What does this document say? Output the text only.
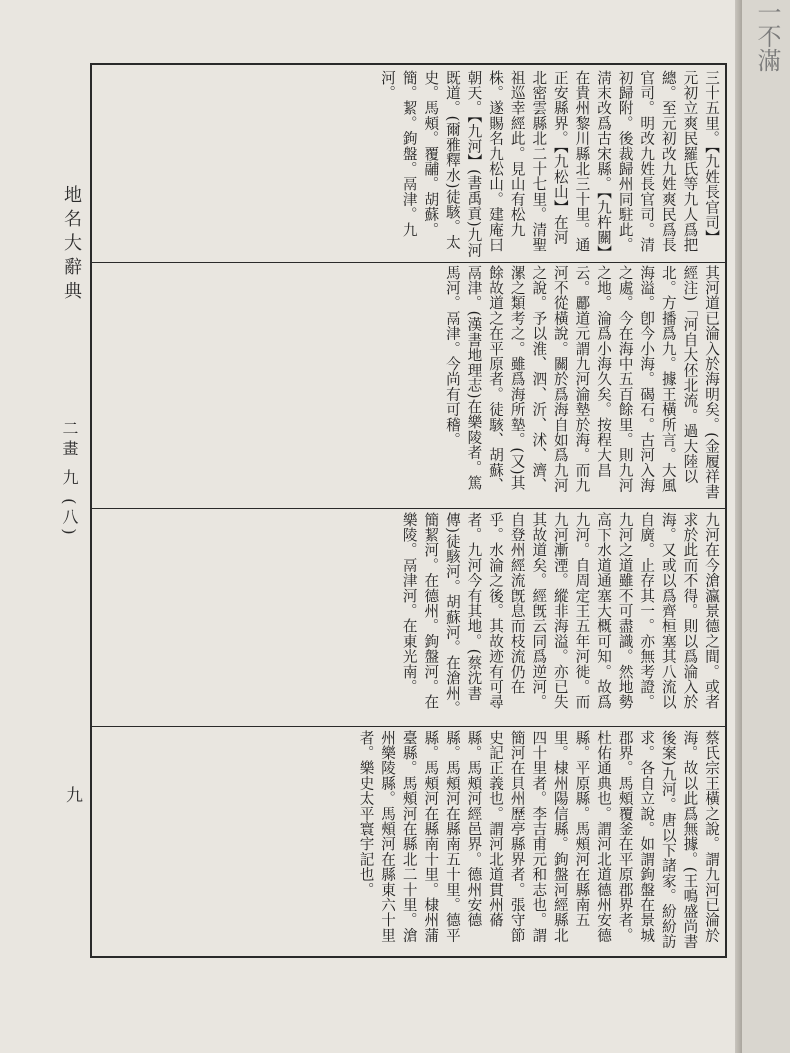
三十五里。【九姓長官司】元初立爽民羅氏等九人爲把總。至元初改九姓爽民爲長官司。明改九姓長官司。清初歸附。後裁歸州同駐此。淸末改爲古宋縣。【九杵關】在貴州黎川縣北三十里。通正安縣界。【九松山】在河北密雲縣北二十七里。清聖祖巡幸經此。見山有松九株。遂賜名九松山。建庵曰朝天。【九河】(書禹貢)九河既道。(爾雅釋水)徒駭。太史。馬頰。覆鬴。胡蘇。簡。絜。鉤盤。鬲津。九河。

其河道已淪入於海明矣。(金履祥書經注)「河自大伾北流。過大陸以北。方播爲九。據王橫所言。大風海溢。卽今小海。碣石。古河入海之處。今在海中五百餘里。則九河之地。淪爲小海久矣。按程大昌云。酈道元謂九河淪墊於海。而九河不從橫說。關於爲海自如爲九河之說。予以淮、泗、沂、沭、濟、漯之類考之。雖爲海所墊。(又)其餘故道之在平原者。徒駭、胡蘇、鬲津。(漢書地理志)在樂陵者。篤馬河。鬲津。今尚有可稽。

九河在今滄瀛景德之間。或者求於此而不得。則以爲淪入於海。又或以爲齊桓塞其八流以自廣。止存其一。亦無考證。九河之道雖不可盡識。然地勢高下水道通塞大概可知。故爲九河。自周定王五年河徙。而九河漸湮。縱非海溢。亦已失其故道矣。經旣云同爲逆河。自登州經流旣息而枝流仍在乎。水淪之後。其故迹有可尋者。九河今有其地。(蔡沈書傳)徒駭河。胡蘇河。在滄州。簡絜河。在德州。鉤盤河。在樂陵。鬲津河。在東光南。

蔡氏宗王橫之說。謂九河已淪於海。故以此爲無據。(王鳴盛尚書後案)九河。唐以下諸家。紛紛訪求。各自立說。如謂鉤盤在景城郡界。馬頰覆釜在平原郡界者。杜佑通典也。謂河北道德州安德縣。平原縣。馬頰河在縣南五里。棣州陽信縣。鉤盤河經縣北四十里者。李吉甫元和志也。謂簡河在貝州歷亭縣界者。張守節史記正義也。謂河北道貫州蓨縣。馬頰河經邑界。德州安德縣。馬頰河在縣南五十里。德平縣。馬頰河在縣南十里。棣州蒲臺縣。馬頰河在縣北二十里。滄州樂陵縣。馬頰河在縣東六十里者。樂史太平寰宇記也。

地名大辭典
二畫 九 (八)
九
一不滿
